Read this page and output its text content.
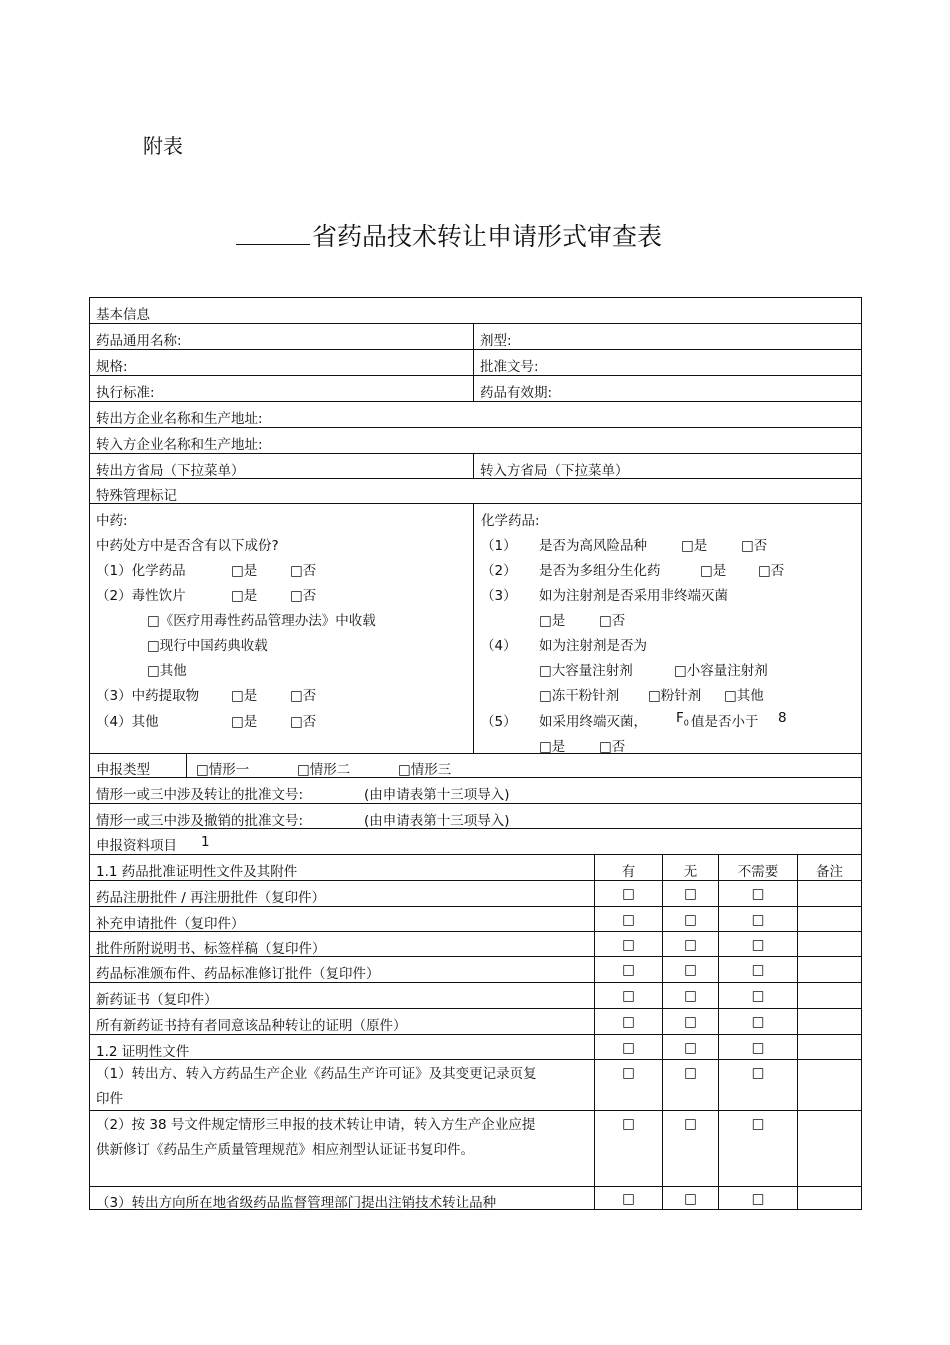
附表
省药品技术转让申请形式审查表
基本信息
药品通用名称:	剂型:
规格:	批准文号:
执行标准:	药品有效期:
转出方企业名称和生产地址:
转入方企业名称和生产地址:
转出方省局（下拉菜单）	转入方省局（下拉菜单）
特殊管理标记
中药:
中药处方中是否含有以下成份?
（1）化学药品	□是 □否
（2）毒性饮片	□是 □否
□《医疗用毒性药品管理办法》中收载
□现行中国药典收载
□其他
（3）中药提取物 □是 □否
（4）其他	□是 □否
化学药品:
（1） 是否为高风险品种	□是 □否
（2） 是否为多组分生化药	□是 □否
（3） 如为注射剂是否采用非终端灭菌
□是 □否
（4） 如为注射剂是否为
□大容量注射剂	□小容量注射剂
□冻干粉针剂 □粉针剂 □其他
（5） 如采用终端灭菌， $F_0$ 值是否小于 8
□是 □否
申报类型	□情形一	□情形二	□情形三
情形一或三中涉及转让的批准文号:	(由申请表第十三项导入)
情形一或三中涉及撤销的批准文号:	(由申请表第十三项导入)
申报资料项目 1
1.1 药品批准证明性文件及其附件	有	无	不需要	备注
药品注册批件 / 再注册批件（复印件）	□	□	□
补充申请批件（复印件）	□	□	□
批件所附说明书、标签样稿（复印件）	□	□	□
药品标准颁布件、药品标准修订批件（复印件）	□	□	□
新药证书（复印件）	□	□	□
所有新药证书持有者同意该品种转让的证明（原件）	□	□	□
1.2 证明性文件	□	□	□
（1）转出方、转入方药品生产企业《药品生产许可证》及其变更记录页复印件
□	□	□
（2）按 38 号文件规定情形三申报的技术转让申请，转入方生产企业应提供新修订《药品生产质量管理规范》相应剂型认证证书复印件。
□	□	□
（3）转出方向所在地省级药品监督管理部门提出注销技术转让品种	□	□	□
